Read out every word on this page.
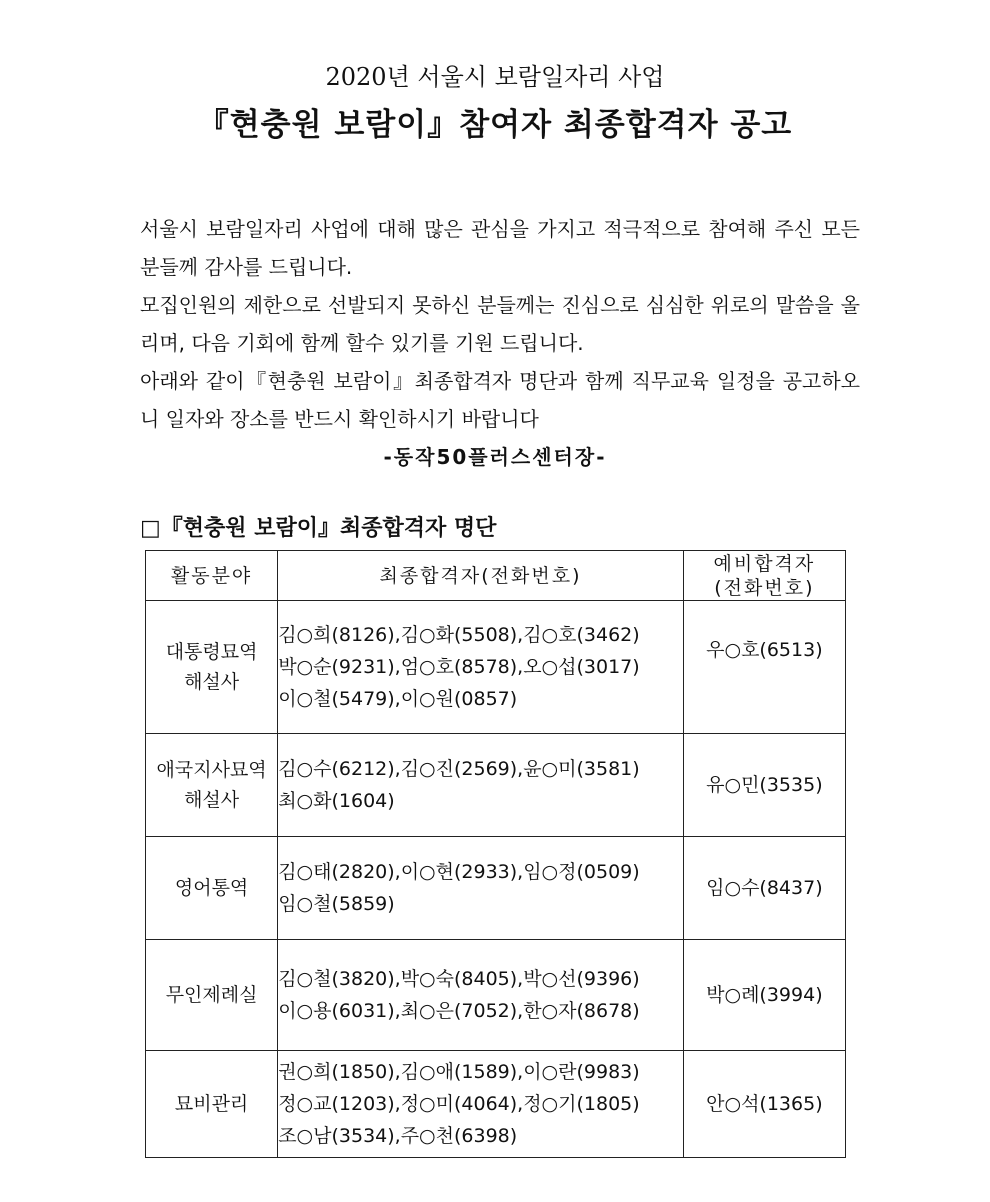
2020년 서울시 보람일자리 사업
『현충원 보람이』참여자 최종합격자 공고

서울시 보람일자리 사업에 대해 많은 관심을 가지고 적극적으로 참여해 주신 모든 분들께 감사를 드립니다.

모집인원의 제한으로 선발되지 못하신 분들께는 진심으로 심심한 위로의 말씀을 올리며, 다음 기회에 함께 할수 있기를 기원 드립니다.

아래와 같이『현충원 보람이』최종합격자 명단과 함께 직무교육 일정을 공고하오니 일자와 장소를 반드시 확인하시기 바랍니다

-동작50플러스센터장-
□『현충원 보람이』최종합격자 명단
활동분야	최종합격자(전화번호)	예비합격자
(전화번호)
대통령묘역
해설사	김○희(8126),김○화(5508),김○호(3462)
박○순(9231),엄○호(8578),오○섭(3017)
이○철(5479),이○원(0857)	우○호(6513)
애국지사묘역
해설사	김○수(6212),김○진(2569),윤○미(3581)
최○화(1604)	유○민(3535)
영어통역	김○태(2820),이○현(2933),임○정(0509)
임○철(5859)	임○수(8437)
무인제례실	김○철(3820),박○숙(8405),박○선(9396)
이○용(6031),최○은(7052),한○자(8678)	박○례(3994)
묘비관리	권○희(1850),김○애(1589),이○란(9983)
정○교(1203),정○미(4064),정○기(1805)
조○남(3534),주○천(6398)	안○석(1365)
